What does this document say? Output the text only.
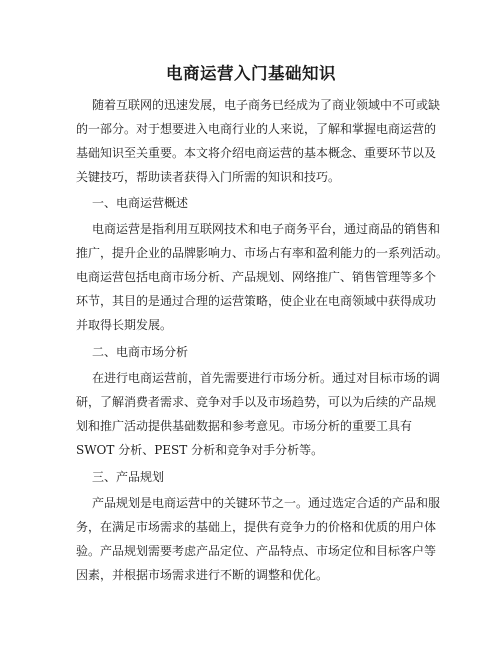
电商运营入门基础知识
随着互联网的迅速发展，电子商务已经成为了商业领域中不可或缺
的一部分。对于想要进入电商行业的人来说，了解和掌握电商运营的
基础知识至关重要。本文将介绍电商运营的基本概念、重要环节以及
关键技巧，帮助读者获得入门所需的知识和技巧。
一、电商运营概述
电商运营是指利用互联网技术和电子商务平台，通过商品的销售和
推广，提升企业的品牌影响力、市场占有率和盈利能力的一系列活动。
电商运营包括电商市场分析、产品规划、网络推广、销售管理等多个
环节，其目的是通过合理的运营策略，使企业在电商领域中获得成功
并取得长期发展。
二、电商市场分析
在进行电商运营前，首先需要进行市场分析。通过对目标市场的调
研，了解消费者需求、竞争对手以及市场趋势，可以为后续的产品规
划和推广活动提供基础数据和参考意见。市场分析的重要工具有
SWOT 分析、PEST 分析和竞争对手分析等。
三、产品规划
产品规划是电商运营中的关键环节之一。通过选定合适的产品和服
务，在满足市场需求的基础上，提供有竞争力的价格和优质的用户体
验。产品规划需要考虑产品定位、产品特点、市场定位和目标客户等
因素，并根据市场需求进行不断的调整和优化。
